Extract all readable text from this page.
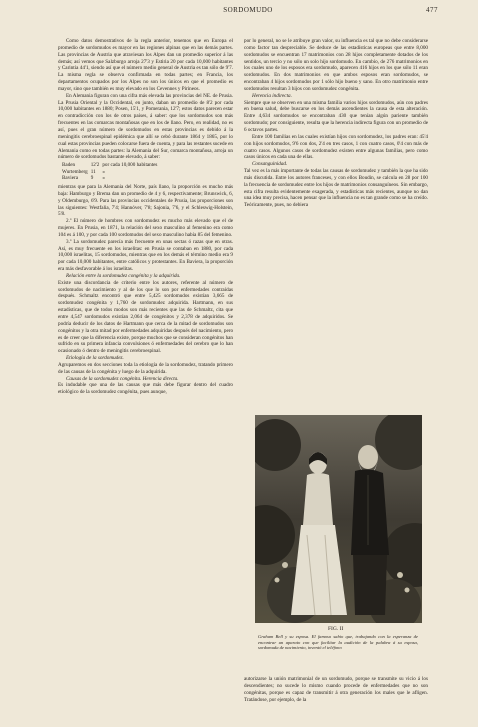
SORDOMUDO	477

Como datos demostrativos de la regla anterior, tenemos que en Europa el promedio de sordomudos es mayor en las regiones alpinas que en las demás partes. Las provincias de Austria que atraviesan los Alpes dan un promedio superior á las demás; así vemos que Salzburgo arroja 27'3 y Estiria 20 por cada 10,000 habitantes y Carintia 44'1, siendo así que el número medio general de Austria es tan sólo de 9'7. La misma regla se observa confirmada en todas partes; en Francia, los departamentos ocupados por los Alpes no son los únicos en que el promedio es mayor, sino que también es muy elevado en los Cevennes y Pirineos.

En Alemania figuran con una cifra más elevada las provincias del NE. de Prusia. La Prusia Oriental y la Occidental, en junto, daban un promedio de 8'2 por cada 10,000 habitantes en 1880; Posen, 15'1, y Pomerania, 12'7; estos datos parecen estar en contradicción con los de otros países, á saber: que los sordomudos son más frecuentes en las comarcas montañosas que en los de llano. Pero, en realidad, no es así, pues el gran número de sordomudos en estas provincias es debido á la meningitis cerebroespinal epidémica que allí se cebó durante 1864 y 1865, por lo cual estas provincias pueden colocarse fuera de cuenta, y para las restantes sucede en Alemania como en todas partes: la Alemania del Sur, comarca montañosa, arroja un número de sordomudos bastante elevado, á saber:

Baden	12'2	por cada 10,000 habitantes
Wurtemberg	11	»
Baviera	9	»

mientras que para la Alemania del Norte, país llano, la proporción es mucho más baja: Hamburgo y Brema dan un promedio de 4 y 6, respectivamente; Brunswick, 6, y Oldemburgo, 6'9. Para las provincias occidentales de Prusia, las proporciones son las siguientes: Westfalia, 7'4; Hannóver, 7'8; Sajonia, 7'6, y el Schleswig-Holstein, 5'8.

2.º El número de hombres con sordomudez es mucho más elevado que el de mujeres. En Prusia, en 1871, la relación del sexo masculino al femenino era como 104 es á 100, y por cada 100 sordomudos del sexo masculino había 85 del femenino.

3.º La sordomudez parecía más frecuente en unas sectas ó razas que en otras. Así, es muy frecuente en los israelitas: en Prusia se contaban en 1880, por cada 10,000 israelitas, 15 sordomudos, mientras que en los demás el término medio era 9 por cada 10,000 habitantes, entre católicos y protestantes. En Baviera, la proporción era más desfavorable á los israelitas.

Relación entre la sordomudez congénita y la adquirida.

Existe una discordancia de criterio entre los autores, referente al número de sordomudos de nacimiento y al de los que lo son por enfermedades contraídas después. Schmaltz encontró que entre 5,425 sordomudos existían 3,665 de sordomudez congénita y 1,760 de sordomudez adquirida. Hartmann, en sus estadísticas, que de todos modos son más recientes que las de Schmaltz, cita que entre 4,547 sordomudos existían 2,064 de congénitos y 2,378 de adquiridos. Se podría deducir de los datos de Hartmann que cerca de la mitad de sordomudos son congénitos y la otra mitad por enfermedades adquiridas después del nacimiento, pero es de creer que la diferencia existe, porque muchos que se consideran congénitos han sufrido en su primera infancia convulsiones ó enfermedades del cerebro que lo han ocasionado ó dentro de meningitis cerebroespinal.

Etiología de la sordomudez.

Agruparemos en dos secciones toda la etiología de la sordomudez, tratando primero de las causas de la congénita y luego de la adquirida.

Causas de la sordomudez congénita. Herencia directa.

Es indudable que una de las causas que más debe figurar dentro del cuadro etiológico de la sordomudez congénita, pues aunque,

por lo general, no se le atribuye gran valor, su influencia es tal que no debe considerarse como factor tan despreciable. Se deduce de las estadísticas europeas que entre 8,000 sordomudos se encuentran 17 matrimonios con 28 hijos completamente dotados de los sentidos, un tercio y no sólo un solo hijo sordomudo. En cambio, de 276 matrimonios en los cuales uno de los esposos era sordomudo, aparecen 416 hijos en los que sólo 11 eran sordomudos. En dos matrimonios en que ambos esposos eran sordomudos, se encontraban 4 hijos sordomudos por 1 sólo hijo bueno y sano. En otro matrimonio entre sordomudos resultan 3 hijos con sordomudez congénita.

Herencia indirecta.

Siempre que se observen en una misma familia varios hijos sordomudos, aún con padres en buena salud, debe buscarse en los demás ascendientes la causa de esta alteración. Entre 4,634 sordomudos se encontraban 430 que tenían algún pariente también sordomudo; por consiguiente, resulta que la herencia indirecta figura con un promedio de 6 octavos partes.

Entre 100 familias en las cuales existían hijos con sordomudez, los padres eran: 45'4 con hijos sordomudos, 9'6 con dos, 2'4 en tres casos, 1 con cuatro casos, 0'4 con más de cuatro casos. Algunos casos de sordomudez existen entre algunas familias, pero como casos únicos en cada una de ellas.

Consanguinidad.

Tal vez es la más importante de todas las causas de sordomudez y también la que ha sido más discutida. Entre los autores franceses, y con ellos Boudin, se calcula en 28 por 100 la frecuencia de sordomudez entre los hijos de matrimonios consanguíneos. Sin embargo, esta cifra resulta evidentemente exagerada, y estadísticas más recientes, aunque no dan una idea muy precisa, hacen pensar que la influencia no es tan grande como se ha creído. Teóricamente, pues, no debiera

FIG. II
Graham Bell y su esposa. El famoso sabio que, trabajando con la esperanza de encontrar un aparato con que facilitar la audición de la palabra á su esposa, sordomuda de nacimiento, inventó el teléfono

autorizarse la unión matrimonial de un sordomudo, porque se transmite su vicio á los descendientes; no sucede lo mismo cuando procede de enfermedades que no son congénitas, porque es capaz de transmitir á otra generación los males que le afligen. Tratándose, por ejemplo, de la
